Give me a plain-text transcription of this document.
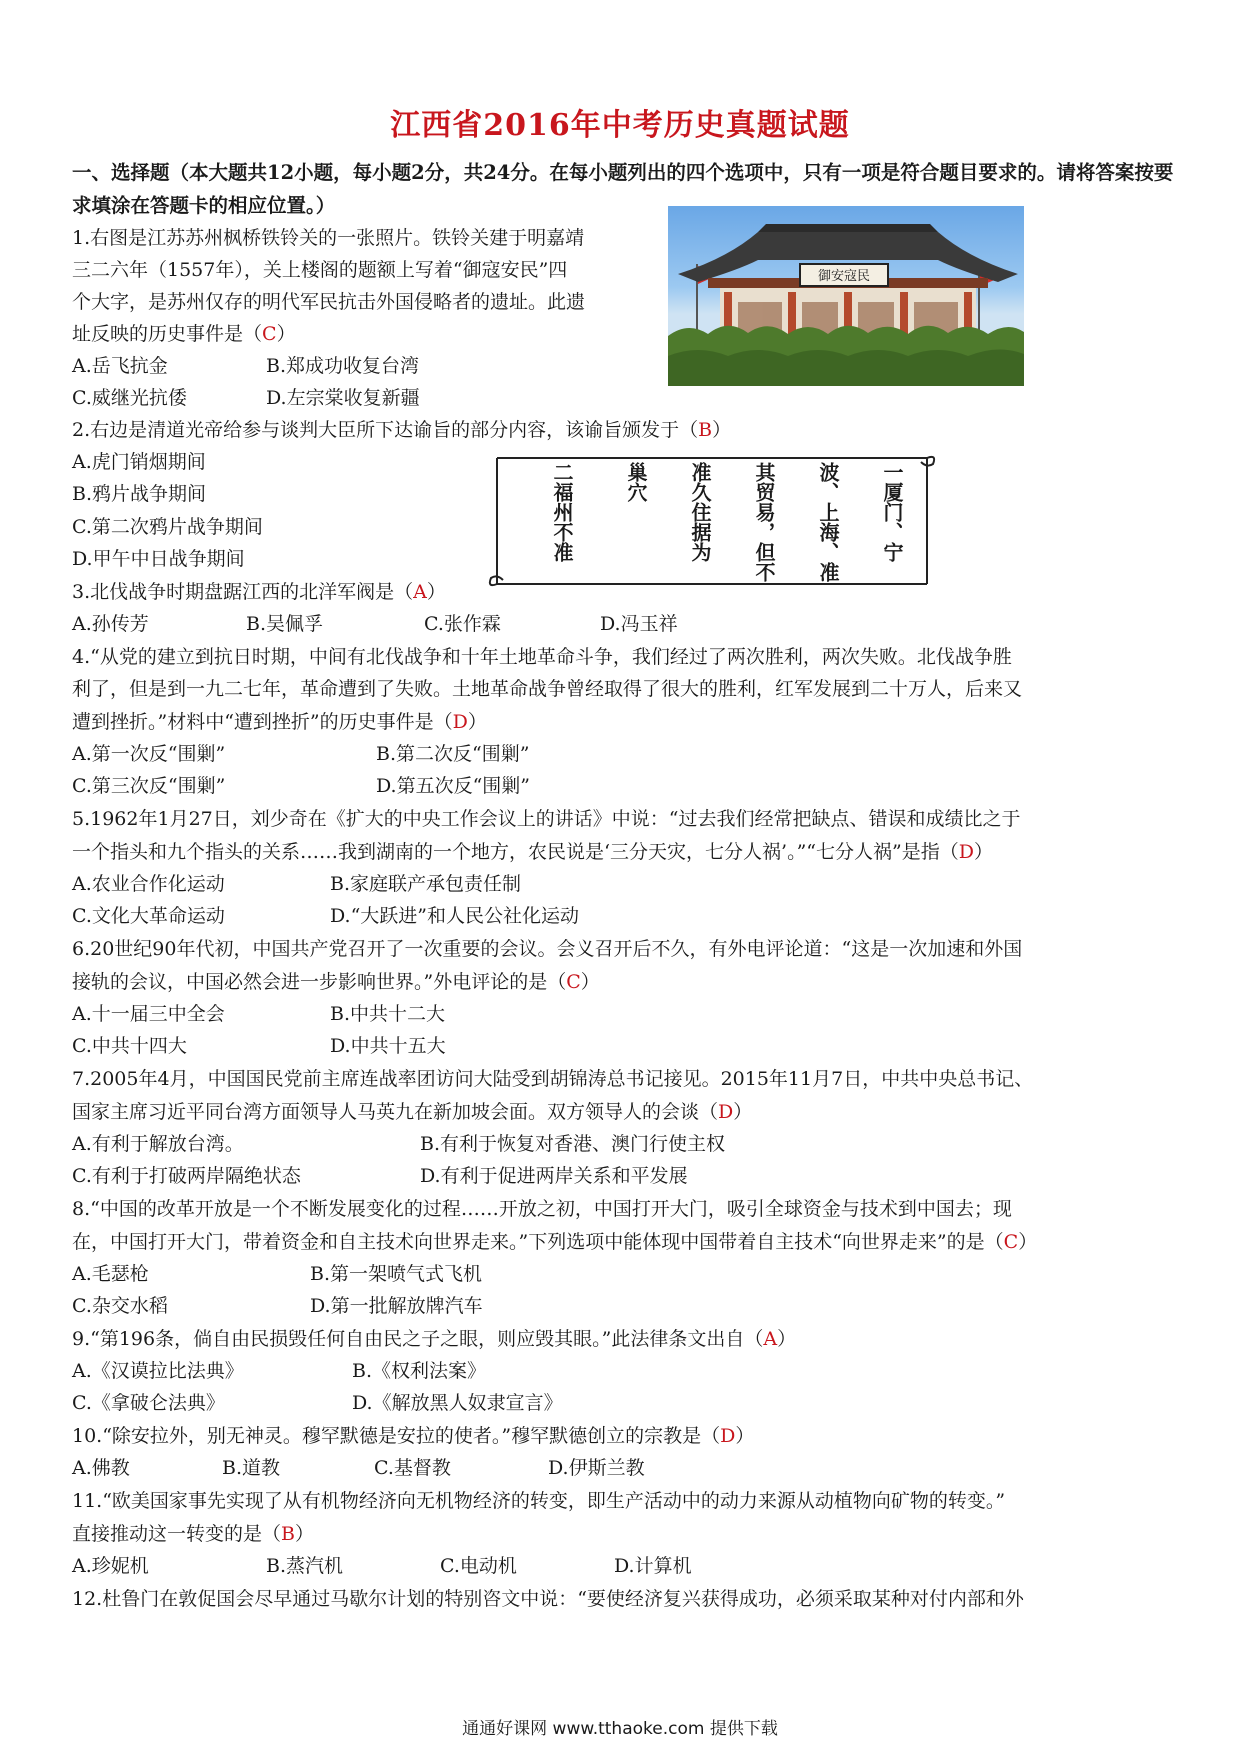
江西省2016年中考历史真题试题
一、选择题（本大题共12小题，每小题2分，共24分。在每小题列出的四个选项中，只有一项是符合题目要求的。请将答案按要求填涂在答题卡的相应位置。）
1.右图是江苏苏州枫桥铁铃关的一张照片。铁铃关建于明嘉靖
三二六年（1557年），关上楼阁的题额上写着“御寇安民”四
个大字，是苏州仅存的明代军民抗击外国侵略者的遗址。此遗
址反映的历史事件是（C）
A.岳飞抗金	B.郑成功收复台湾
C.威继光抗倭	D.左宗棠收复新疆
御安寇民
2.右边是清道光帝给参与谈判大臣所下达谕旨的部分内容，该谕旨颁发于（B）
A.虎门销烟期间
B.鸦片战争期间
C.第二次鸦片战争期间
D.甲午中日战争期间	一厦门、宁
波、上海、准
其贸易，但不
准久住据为
巢穴
二福州不准
3.北伐战争时期盘踞江西的北洋军阀是（A）
A.孙传芳	B.吴佩孚	C.张作霖	D.冯玉祥
4.“从党的建立到抗日时期，中间有北伐战争和十年土地革命斗争，我们经过了两次胜利，两次失败。北伐战争胜
利了，但是到一九二七年，革命遭到了失败。土地革命战争曾经取得了很大的胜利，红军发展到二十万人，后来又
遭到挫折。”材料中“遭到挫折”的历史事件是（D）
A.第一次反“围剿”	B.第二次反“围剿”
C.第三次反“围剿”	D.第五次反“围剿”
5.1962年1月27日，刘少奇在《扩大的中央工作会议上的讲话》中说：“过去我们经常把缺点、错误和成绩比之于
一个指头和九个指头的关系……我到湖南的一个地方，农民说是‘三分天灾，七分人祸’。”“七分人祸”是指（D）
A.农业合作化运动	B.家庭联产承包责任制
C.文化大革命运动	D.“大跃进”和人民公社化运动
6.20世纪90年代初，中国共产党召开了一次重要的会议。会义召开后不久，有外电评论道：“这是一次加速和外国
接轨的会议，中国必然会进一步影响世界。”外电评论的是（C）
A.十一届三中全会	B.中共十二大
C.中共十四大	D.中共十五大
7.2005年4月，中国国民党前主席连战率团访问大陆受到胡锦涛总书记接见。2015年11月7日，中共中央总书记、
国家主席习近平同台湾方面领导人马英九在新加坡会面。双方领导人的会谈（D）
A.有利于解放台湾。	B.有利于恢复对香港、澳门行使主权
C.有利于打破两岸隔绝状态	D.有利于促进两岸关系和平发展
8.“中国的改革开放是一个不断发展变化的过程……开放之初，中国打开大门，吸引全球资金与技术到中国去；现
在，中国打开大门，带着资金和自主技术向世界走来。”下列选项中能体现中国带着自主技术“向世界走来”的是（C）
A.毛瑟枪	B.第一架喷气式飞机
C.杂交水稻	D.第一批解放牌汽车
9.“第196条，倘自由民损毁任何自由民之子之眼，则应毁其眼。”此法律条文出自（A）
A.《汉谟拉比法典》	B.《权利法案》
C.《拿破仑法典》	D.《解放黑人奴隶宣言》
10.“除安拉外，别无神灵。穆罕默德是安拉的使者。”穆罕默德创立的宗教是（D）
A.佛教	B.道教	C.基督教	D.伊斯兰教
11.“欧美国家事先实现了从有机物经济向无机物经济的转变，即生产活动中的动力来源从动植物向矿物的转变。”
直接推动这一转变的是（B）
A.珍妮机	B.蒸汽机	C.电动机	D.计算机
12.杜鲁门在敦促国会尽早通过马歇尔计划的特别咨文中说：“要使经济复兴获得成功，必须采取某种对付内部和外
通通好课网 www.tthaoke.com 提供下载
